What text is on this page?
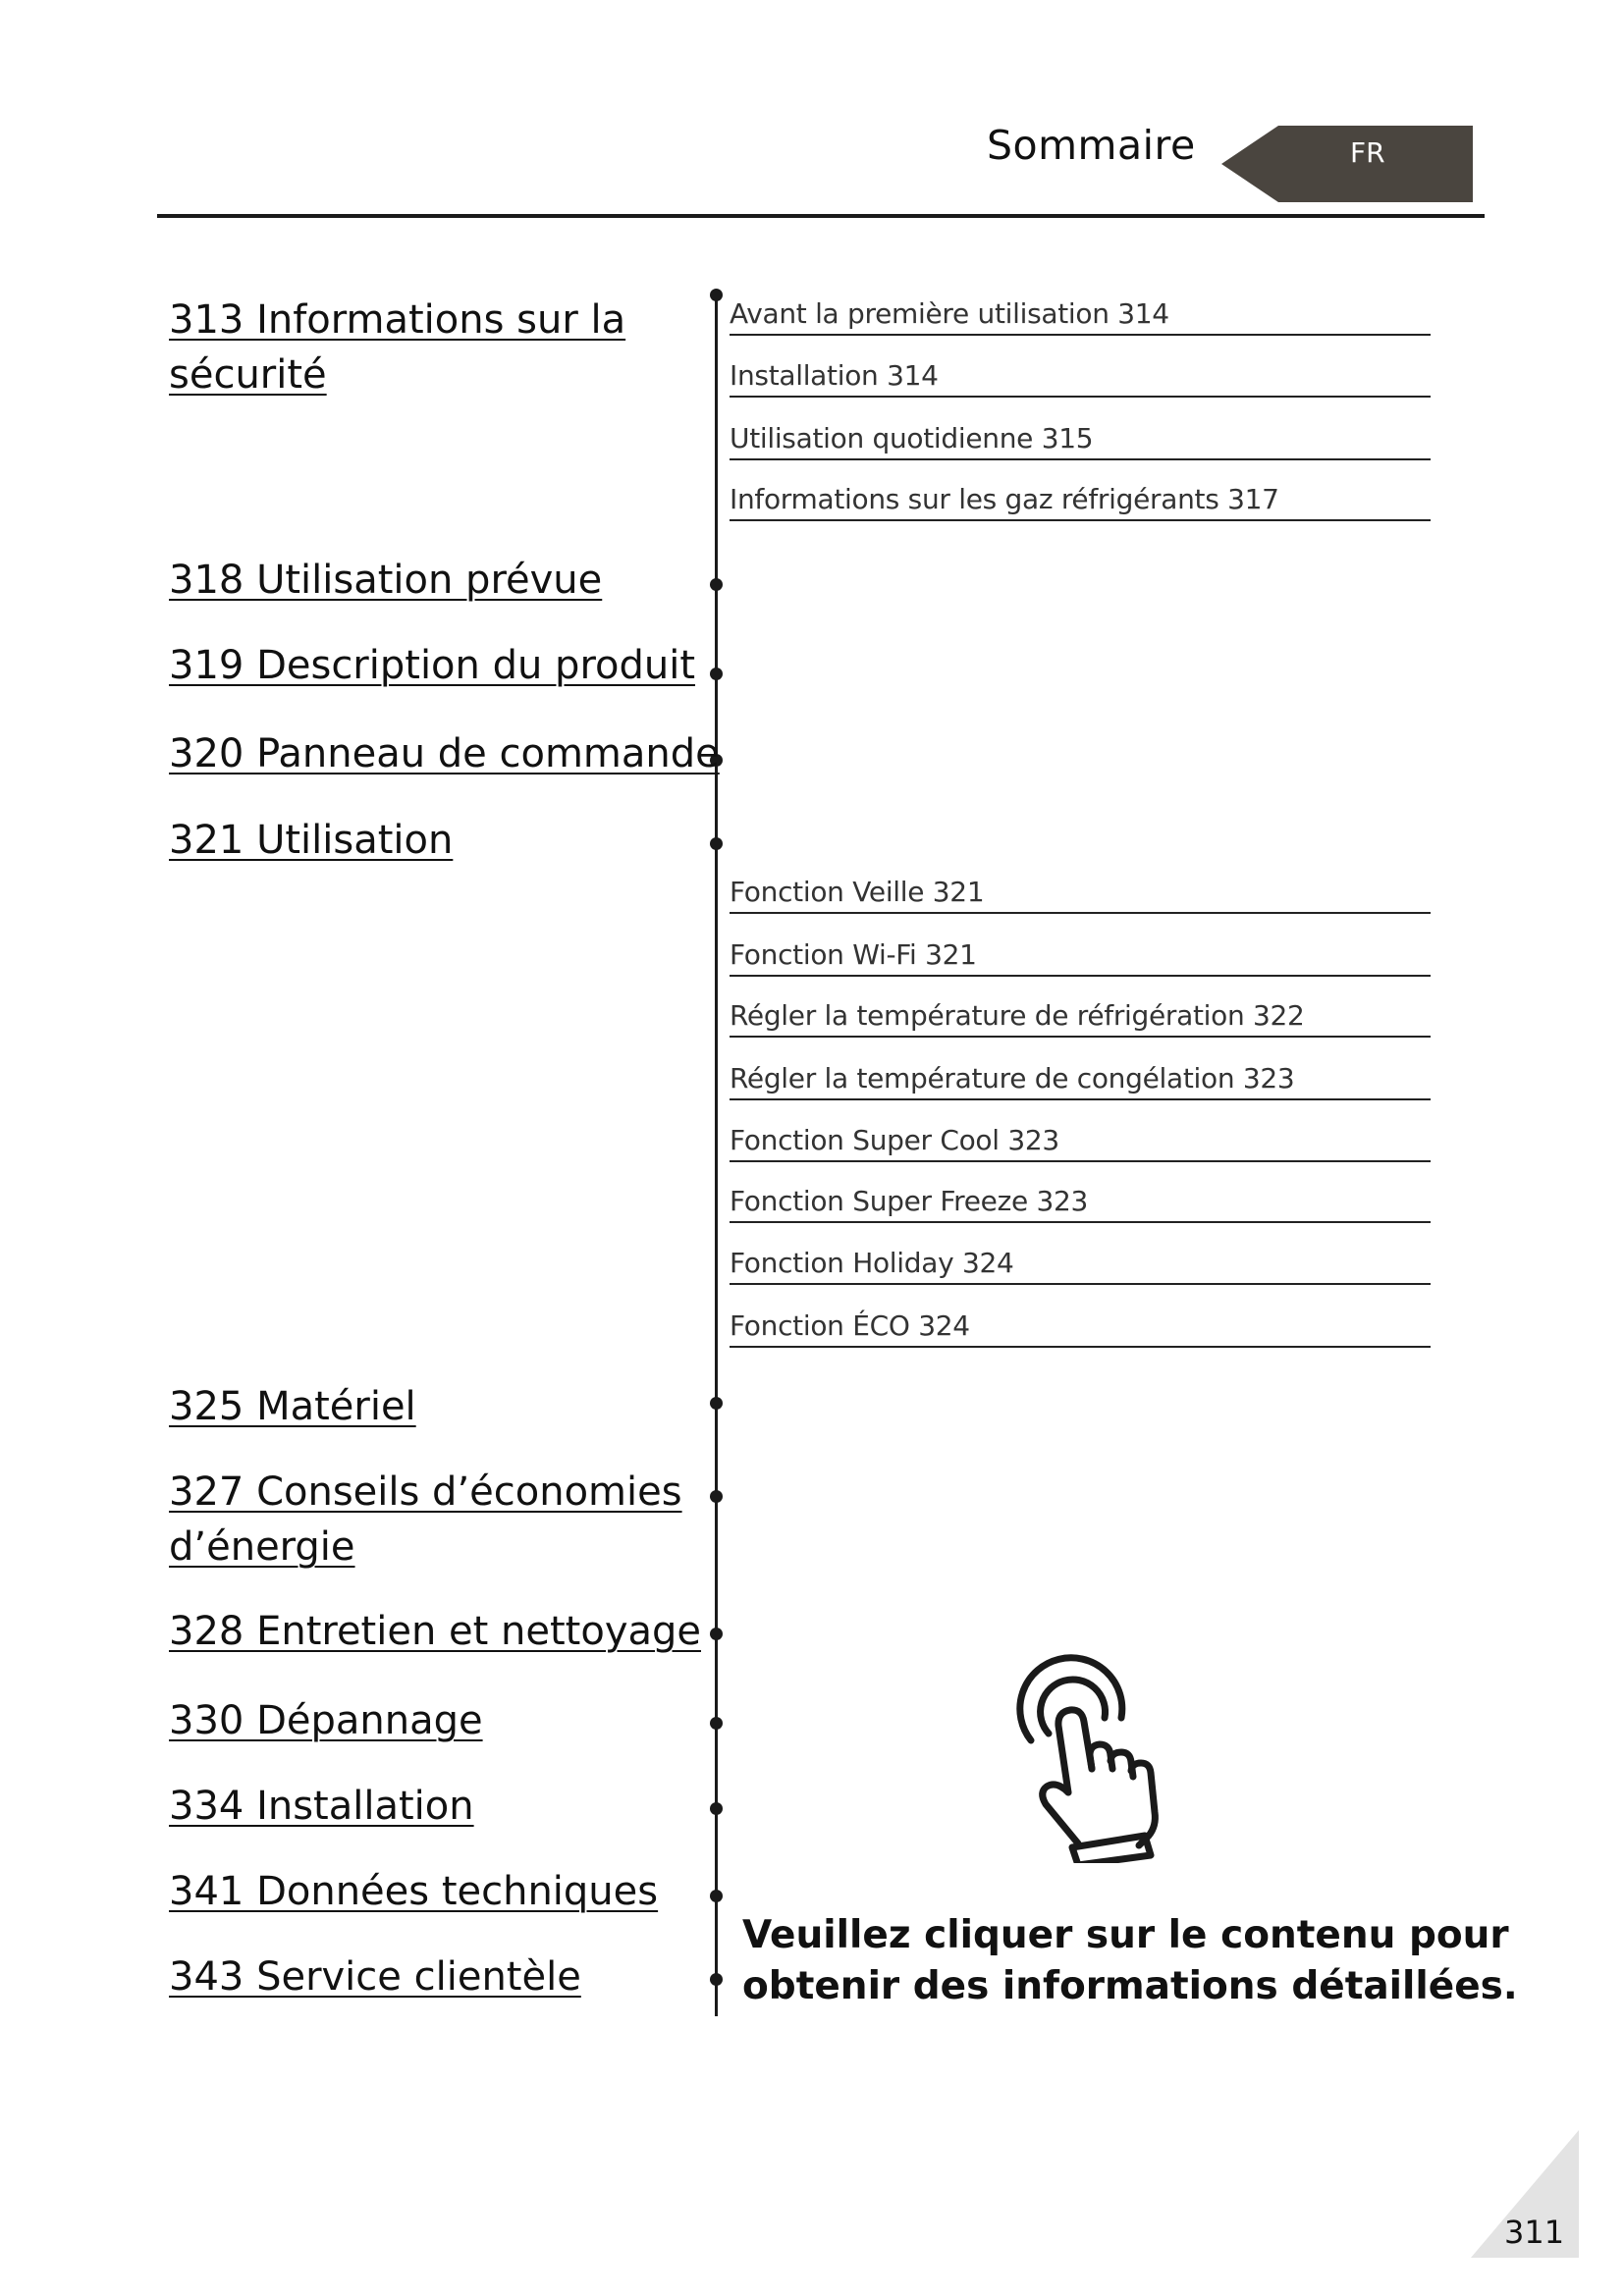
Sommaire	FR
313 Informations sur la
sécurité
318 Utilisation prévue
319 Description du produit
320 Panneau de commande
321 Utilisation
325 Matériel
327 Conseils d’économies
d’énergie
328 Entretien et nettoyage
330 Dépannage
334 Installation
341 Données techniques
343 Service clientèle
Avant la première utilisation 314
Installation 314
Utilisation quotidienne 315
Informations sur les gaz réfrigérants 317
Fonction Veille 321
Fonction Wi-Fi 321
Régler la température de réfrigération 322
Régler la température de congélation 323
Fonction Super Cool 323
Fonction Super Freeze 323
Fonction Holiday 324
Fonction ÉCO 324
Veuillez cliquer sur le contenu pour
obtenir des informations détaillées.
311
